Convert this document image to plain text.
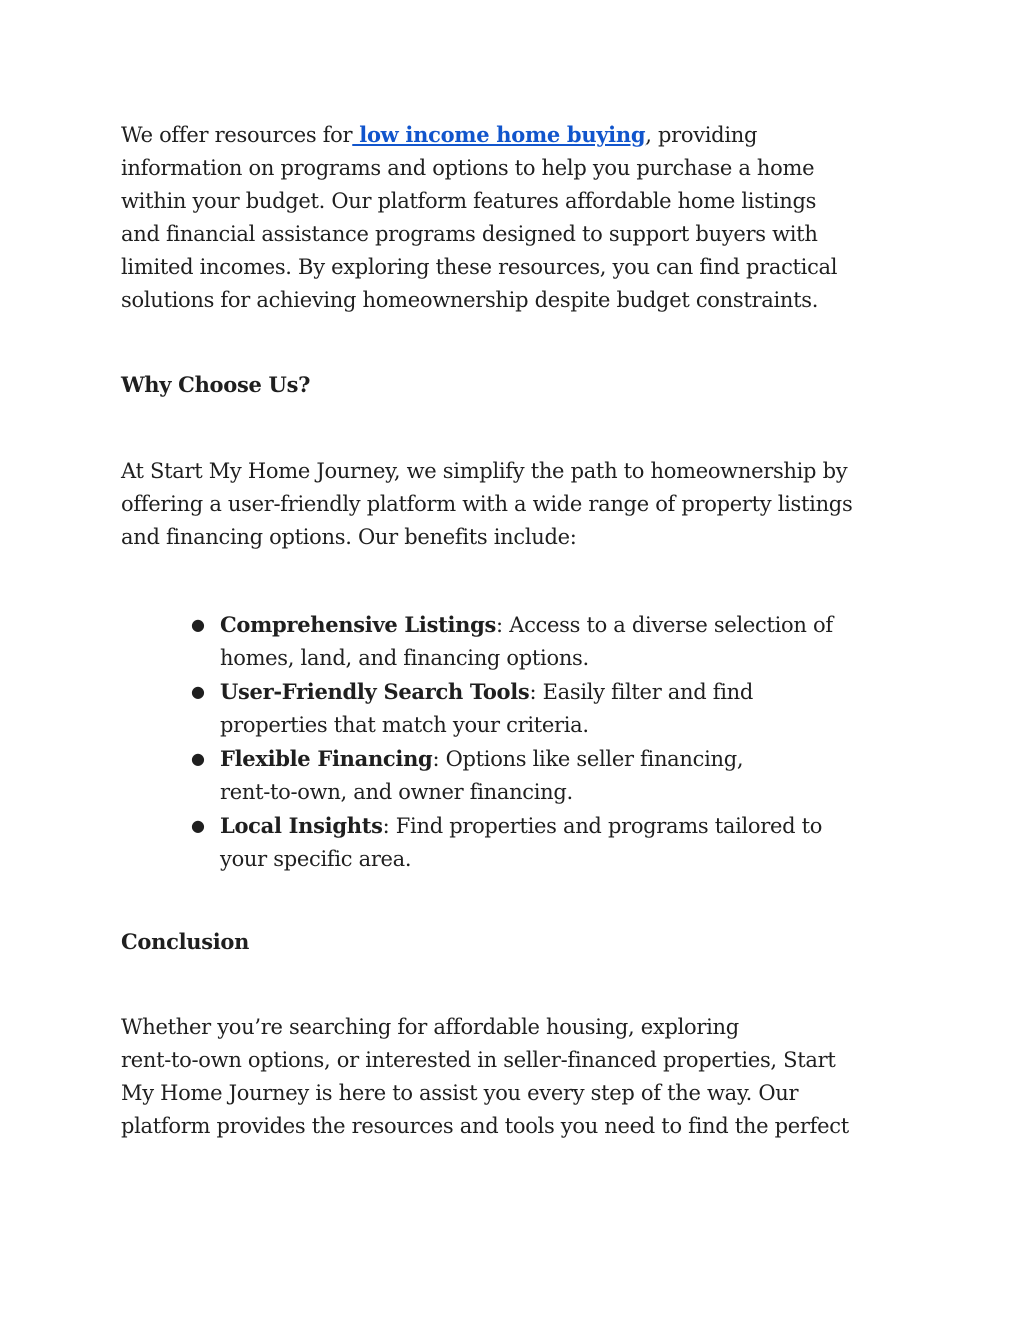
We offer resources for low income home buying, providing
information on programs and options to help you purchase a home
within your budget. Our platform features affordable home listings
and financial assistance programs designed to support buyers with
limited incomes. By exploring these resources, you can find practical
solutions for achieving homeownership despite budget constraints.

Why Choose Us?

At Start My Home Journey, we simplify the path to homeownership by
offering a user-friendly platform with a wide range of property listings
and financing options. Our benefits include:

● Comprehensive Listings: Access to a diverse selection of
homes, land, and financing options.
● User-Friendly Search Tools: Easily filter and find
properties that match your criteria.
● Flexible Financing: Options like seller financing,
rent-to-own, and owner financing.
● Local Insights: Find properties and programs tailored to
your specific area.
Conclusion

Whether you’re searching for affordable housing, exploring
rent-to-own options, or interested in seller-financed properties, Start
My Home Journey is here to assist you every step of the way. Our
platform provides the resources and tools you need to find the perfect
